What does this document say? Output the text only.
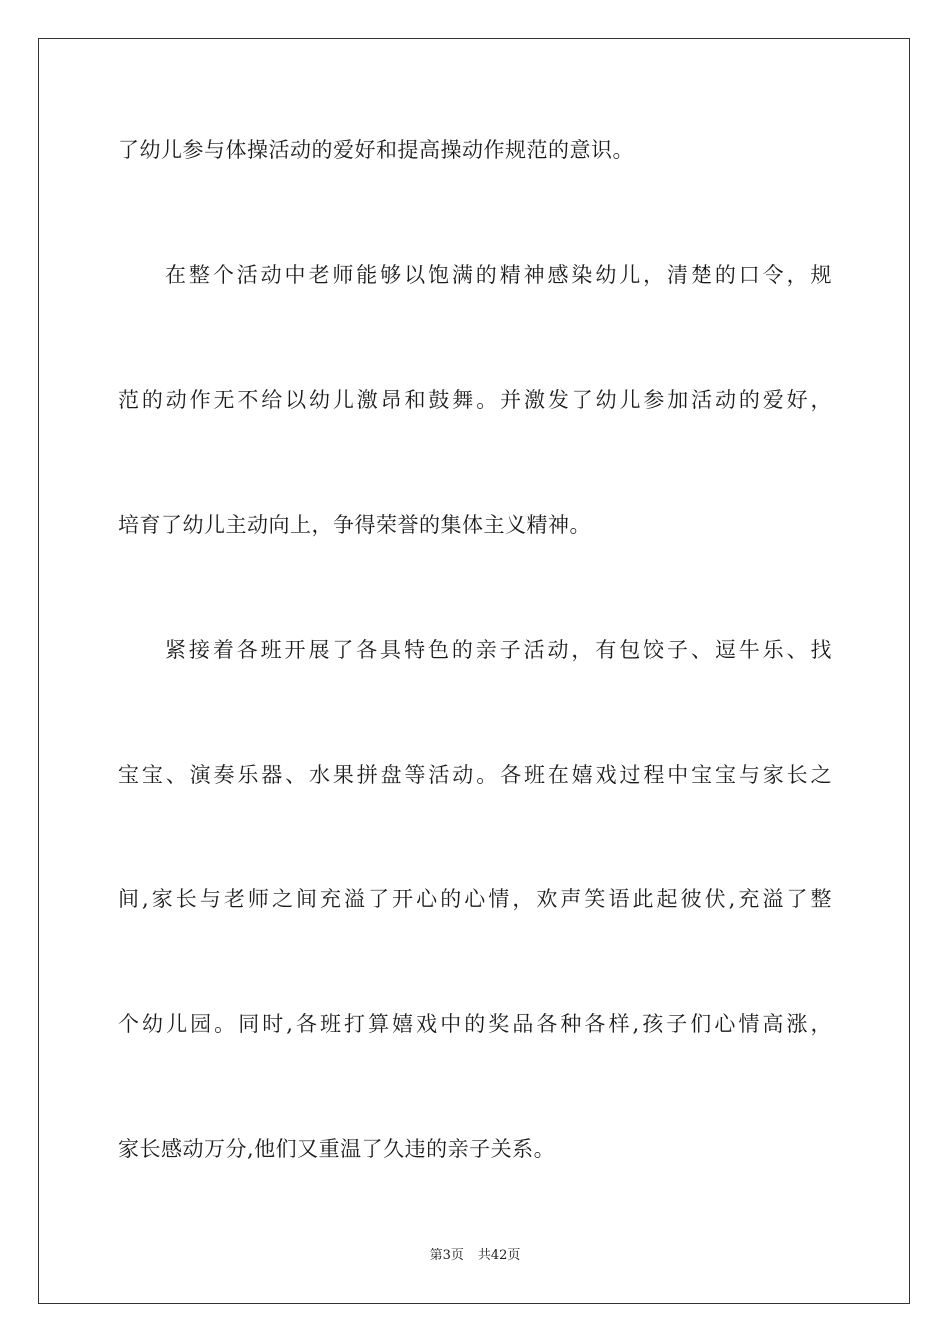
了幼儿参与体操活动的爱好和提高操动作规范的意识。
在整个活动中老师能够以饱满的精神感染幼儿，清楚的口令，规
范的动作无不给以幼儿激昂和鼓舞。并激发了幼儿参加活动的爱好，
培育了幼儿主动向上，争得荣誉的集体主义精神。
紧接着各班开展了各具特色的亲子活动，有包饺子、逗牛乐、找
宝宝、演奏乐器、水果拼盘等活动。各班在嬉戏过程中宝宝与家长之
间,家长与老师之间充溢了开心的心情，欢声笑语此起彼伏,充溢了整
个幼儿园。同时,各班打算嬉戏中的奖品各种各样,孩子们心情高涨，
家长感动万分,他们又重温了久违的亲子关系。
第3页 共42页
